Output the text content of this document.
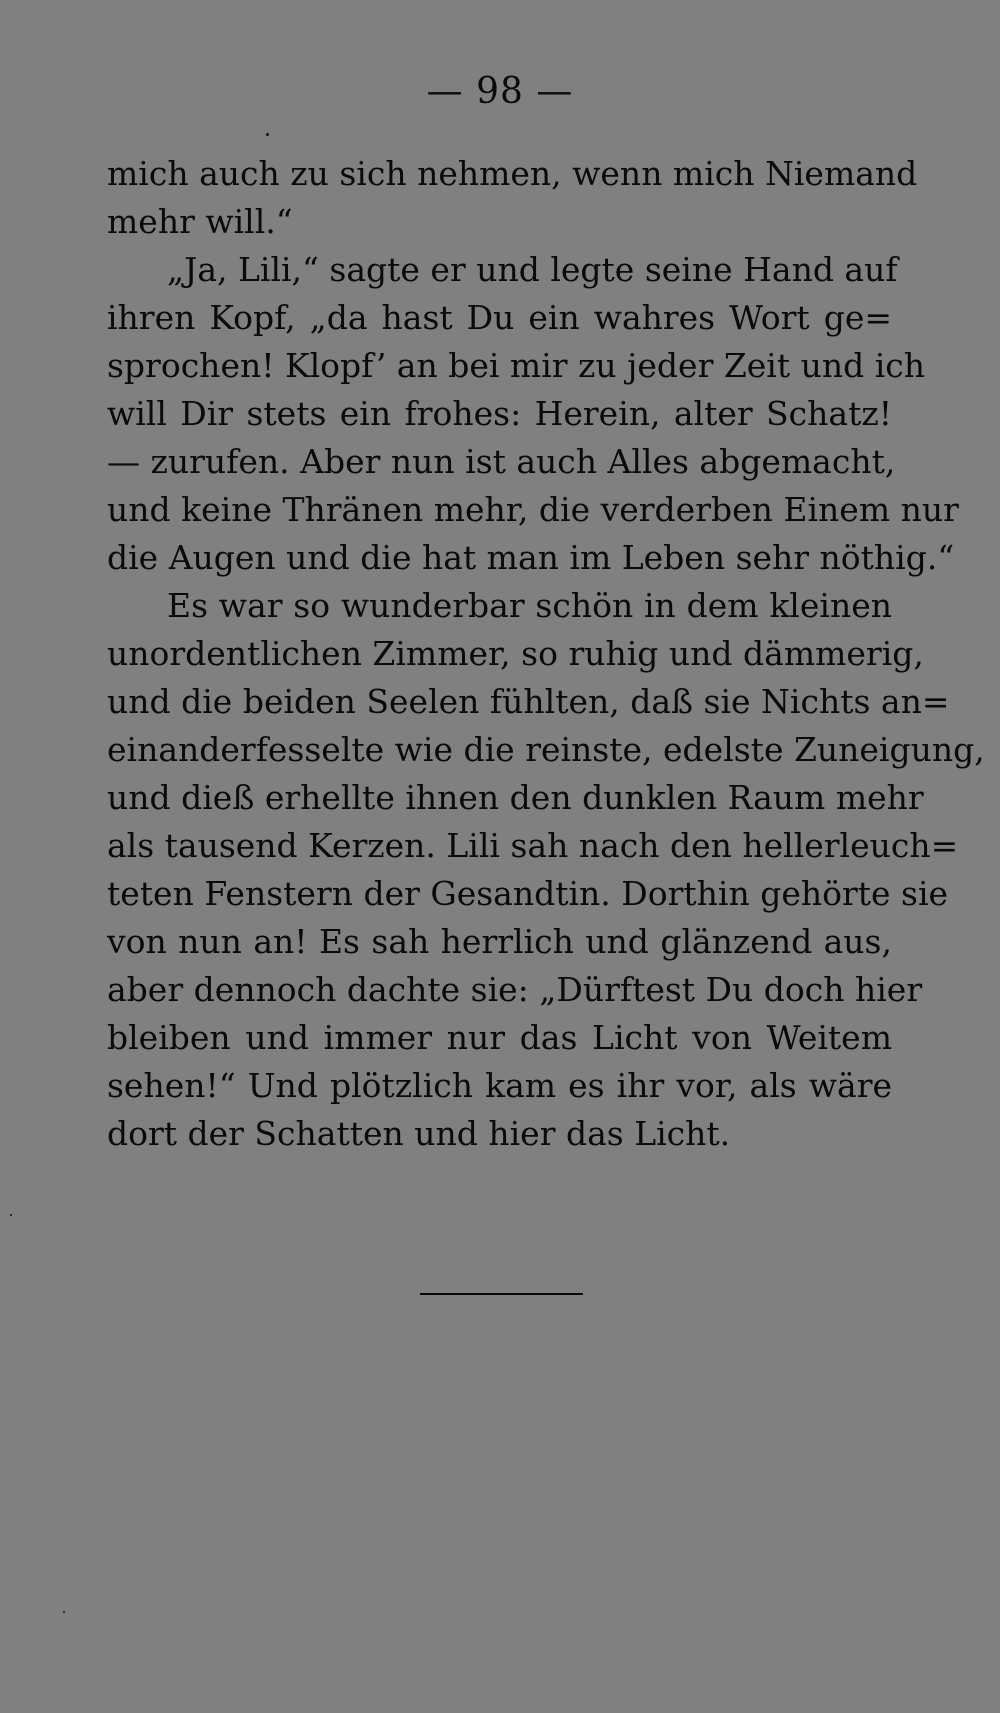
— 98 —
mich auch zu sich nehmen, wenn mich Niemand
mehr will.“
„Ja, Lili,“ sagte er und legte seine Hand auf
ihren Kopf, „da hast Du ein wahres Wort ge=
sprochen! Klopf’ an bei mir zu jeder Zeit und ich
will Dir stets ein frohes: Herein, alter Schatz!
— zurufen. Aber nun ist auch Alles abgemacht,
und keine Thränen mehr, die verderben Einem nur
die Augen und die hat man im Leben sehr nöthig.“
Es war so wunderbar schön in dem kleinen
unordentlichen Zimmer, so ruhig und dämmerig,
und die beiden Seelen fühlten, daß sie Nichts an=
einanderfesselte wie die reinste, edelste Zuneigung,
und dieß erhellte ihnen den dunklen Raum mehr
als tausend Kerzen. Lili sah nach den hellerleuch=
teten Fenstern der Gesandtin. Dorthin gehörte sie
von nun an! Es sah herrlich und glänzend aus,
aber dennoch dachte sie: „Dürftest Du doch hier
bleiben und immer nur das Licht von Weitem
sehen!“ Und plötzlich kam es ihr vor, als wäre
dort der Schatten und hier das Licht.
